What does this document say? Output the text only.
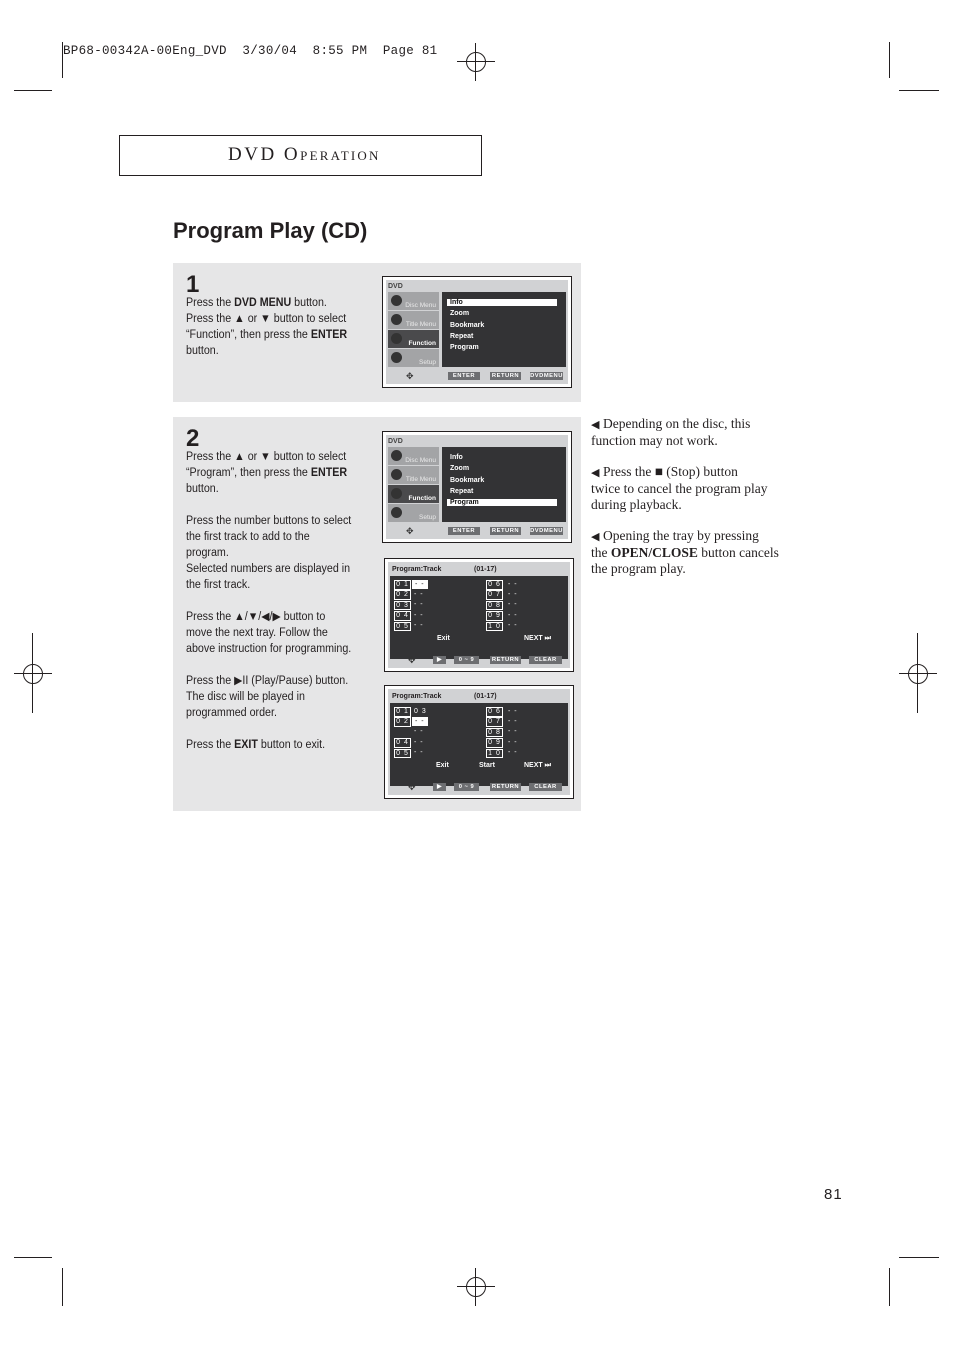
BP68-00342A-00Eng_DVD  3/30/04  8:55 PM  Page 81
DVD OPERATION
Program Play (CD)
1
Press the DVD MENU button.
Press the ▲ or ▼ button to select
“Function”, then press the ENTER
button.
2
Press the ▲ or ▼ button to select
“Program”, then press the ENTER
button.
Press the number buttons to select
the first track to add to the
program.
Selected numbers are displayed in
the first track.
Press the ▲/▼/◀/▶ button to
move the next tray. Follow the
above instruction for programming.
Press the ▶II (Play/Pause) button.
The disc will be played in
programmed order.
Press the EXIT button to exit.
DVD
Disc Menu
Title Menu
Function
Setup
Info
Zoom
Bookmark
Repeat
Program
✥	ENTER	RETURN	DVDMENU
DVD
Disc Menu
Title Menu
Function
Setup
Info
Zoom
Bookmark
Repeat
Program
✥	ENTER	RETURN	DVDMENU
Program:Track	(01-17)
0 1 - -	0 6	- -
0 2 - -	0 7	- -
0 3 - -	0 8	- -
0 4 - -	0 9	- -
0 5 - -	1 0	- -
Exit	NEXT ⏭
✥	▶	0 ~ 9	RETURN	CLEAR
Program:Track	(01-17)
0 1 0 3	0 6	- -
0 2 - -	0 7	- -
- -	0 8	- -
0 4 - -	0 9	- -
0 5 - -	1 0	- -
Exit	Start	NEXT ⏭
✥	▶	0 ~ 9	RETURN	CLEAR
◀ Depending on the disc, this
function may not work.
◀ Press the ■ (Stop) button
twice to cancel the program play
during playback.
◀ Opening the tray by pressing
the OPEN/CLOSE button cancels
the program play.
81
